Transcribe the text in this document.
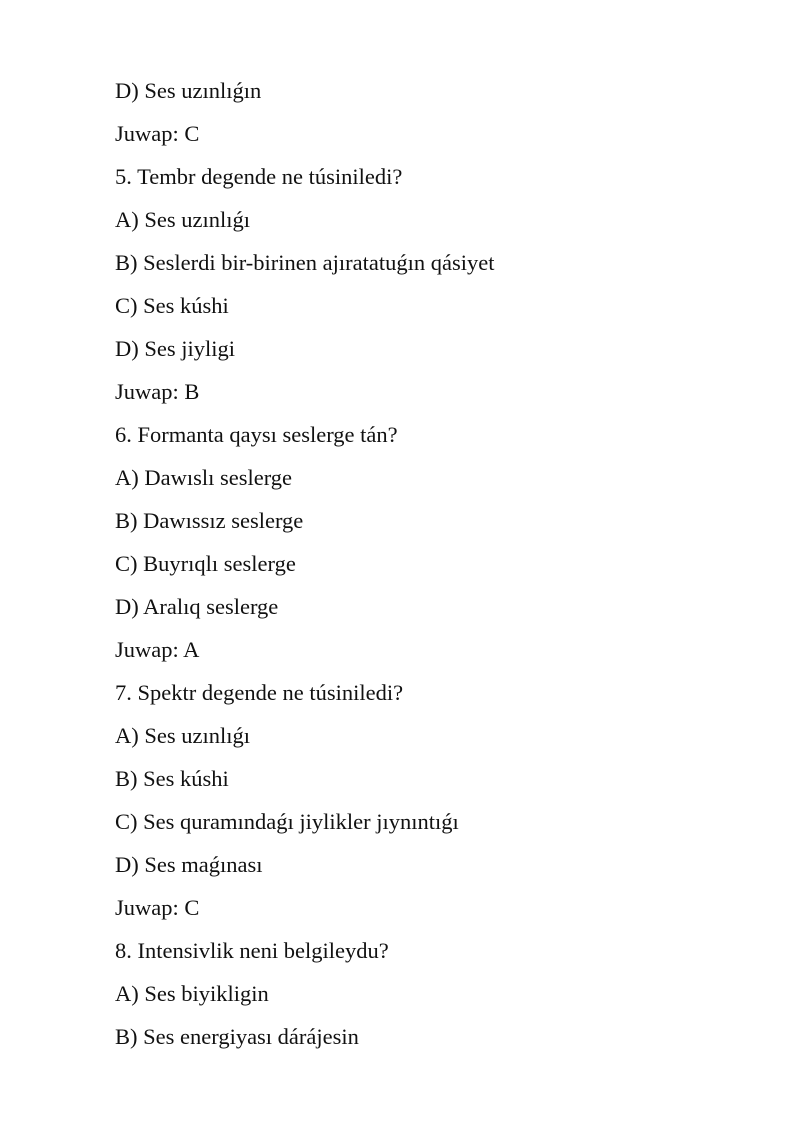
D) Ses uzınlıǵın
Juwap: C
5. Tembr degende ne túsiniledi?
A) Ses uzınlıǵı
B) Seslerdi bir-birinen ajıratatuǵın qásiyet
C) Ses kúshi
D) Ses jiyligi
Juwap: B
6. Formanta qaysı seslerge tán?
A) Dawıslı seslerge
B) Dawıssız seslerge
C) Buyrıqlı seslerge
D) Aralıq seslerge
Juwap: A
7. Spektr degende ne túsiniledi?
A) Ses uzınlıǵı
B) Ses kúshi
C) Ses quramındaǵı jiylikler jıynıntıǵı
D) Ses maǵınası
Juwap: C
8. Intensivlik neni belgileydu?
A) Ses biyikligin
B) Ses energiyası dárájesin
